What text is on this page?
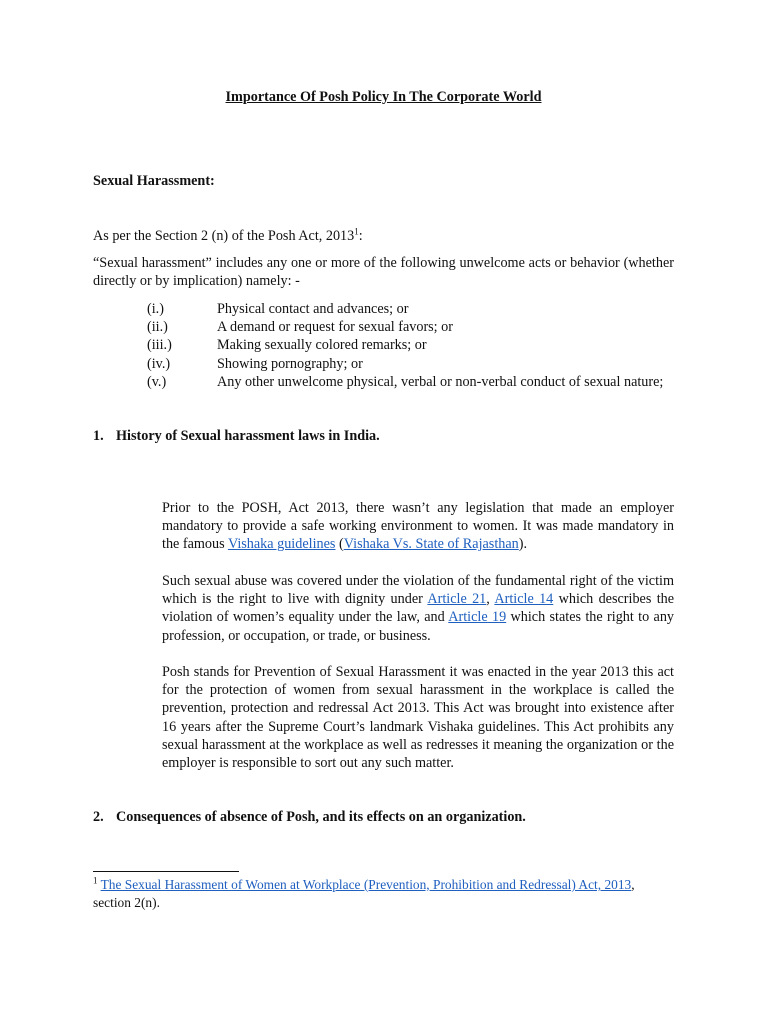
Importance Of Posh Policy In The Corporate World
Sexual Harassment:
As per the Section 2 (n) of the Posh Act, 2013$^1$:

“Sexual harassment” includes any one or more of the following unwelcome acts or behavior (whether directly or by implication) namely: -

(i.)	Physical contact and advances; or
(ii.)	A demand or request for sexual favors; or
(iii.)	Making sexually colored remarks; or
(iv.)	Showing pornography; or
(v.)	Any other unwelcome physical, verbal or non-verbal conduct of sexual nature;
1. History of Sexual harassment laws in India.

Prior to the POSH, Act 2013, there wasn’t any legislation that made an employer mandatory to provide a safe working environment to women. It was made mandatory in the famous Vishaka guidelines (Vishaka Vs. State of Rajasthan).

Such sexual abuse was covered under the violation of the fundamental right of the victim which is the right to live with dignity under Article 21, Article 14 which describes the violation of women’s equality under the law, and Article 19 which states the right to any profession, or occupation, or trade, or business.

Posh stands for Prevention of Sexual Harassment it was enacted in the year 2013 this act for the protection of women from sexual harassment in the workplace is called the prevention, protection and redressal Act 2013. This Act was brought into existence after 16 years after the Supreme Court’s landmark Vishaka guidelines. This Act prohibits any sexual harassment at the workplace as well as redresses it meaning the organization or the employer is responsible to sort out any such matter.

2. Consequences of absence of Posh, and its effects on an organization.

$^1$ The Sexual Harassment of Women at Workplace (Prevention, Prohibition and Redressal) Act, 2013, section 2(n).
